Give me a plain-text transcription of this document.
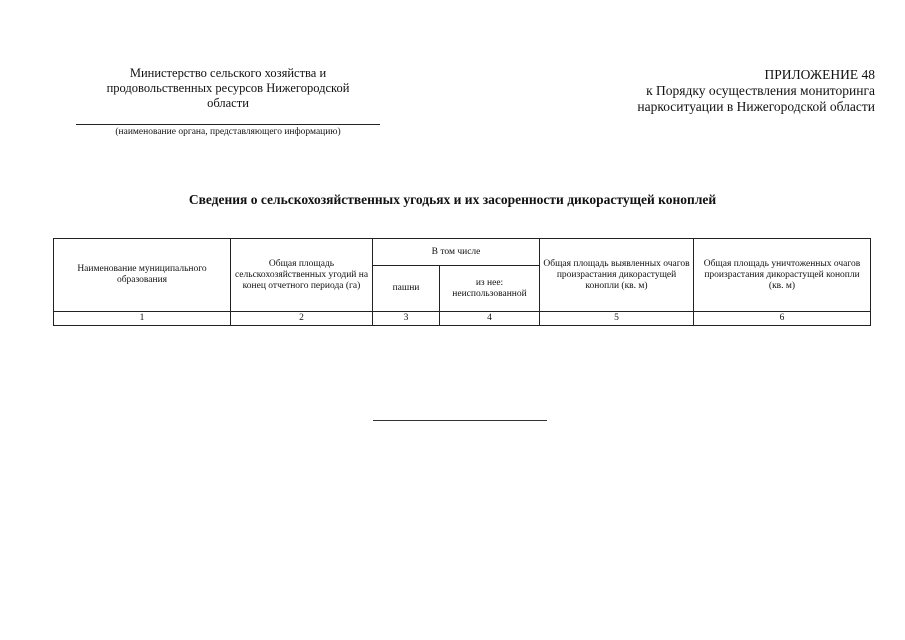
Министерство сельского хозяйства и
продовольственных ресурсов Нижегородской
области
(наименование органа, представляющего информацию)
ПРИЛОЖЕНИЕ 48
к Порядку осуществления мониторинга
наркоситуации в Нижегородской области
Сведения о сельскохозяйственных угодьях и их засоренности дикорастущей коноплей
Наименование муниципального образования	Общая площадь сельскохозяйственных угодий на конец отчетного периода (га)	В том числе		Общая площадь выявленных очагов произрастания дикорастущей конопли (кв. м)	Общая площадь уничтоженных очагов произрастания дикорастущей конопли (кв. м)
		пашни	из нее: неиспользованной		
1	2	3	4	5	6
